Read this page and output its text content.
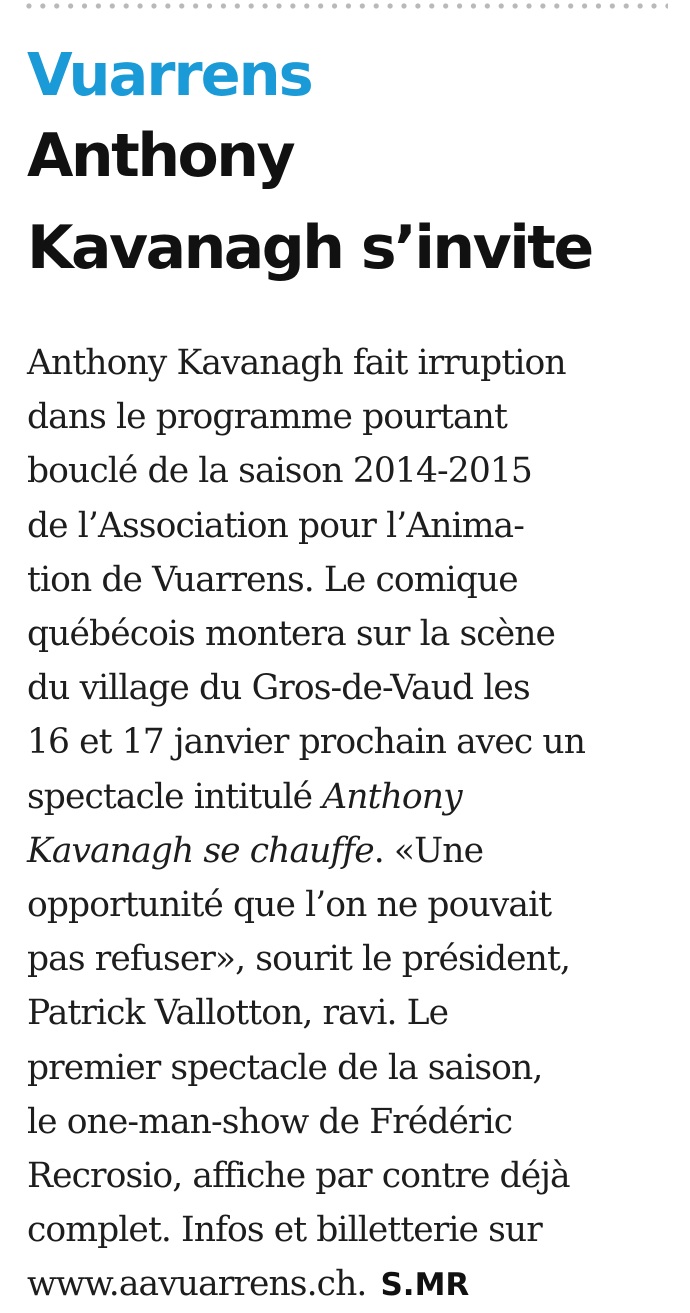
Vuarrens
Anthony
Kavanagh s’invite
Anthony Kavanagh fait irruption
dans le programme pourtant
bouclé de la saison 2014-2015
de l’Association pour l’Anima-
tion de Vuarrens. Le comique
québécois montera sur la scène
du village du Gros-de-Vaud les
16 et 17 janvier prochain avec un
spectacle intitulé Anthony
Kavanagh se chauffe. «Une
opportunité que l’on ne pouvait
pas refuser», sourit le président,
Patrick Vallotton, ravi. Le
premier spectacle de la saison,
le one-man-show de Frédéric
Recrosio, affiche par contre déjà
complet. Infos et billetterie sur
www.aavuarrens.ch. S.MR
